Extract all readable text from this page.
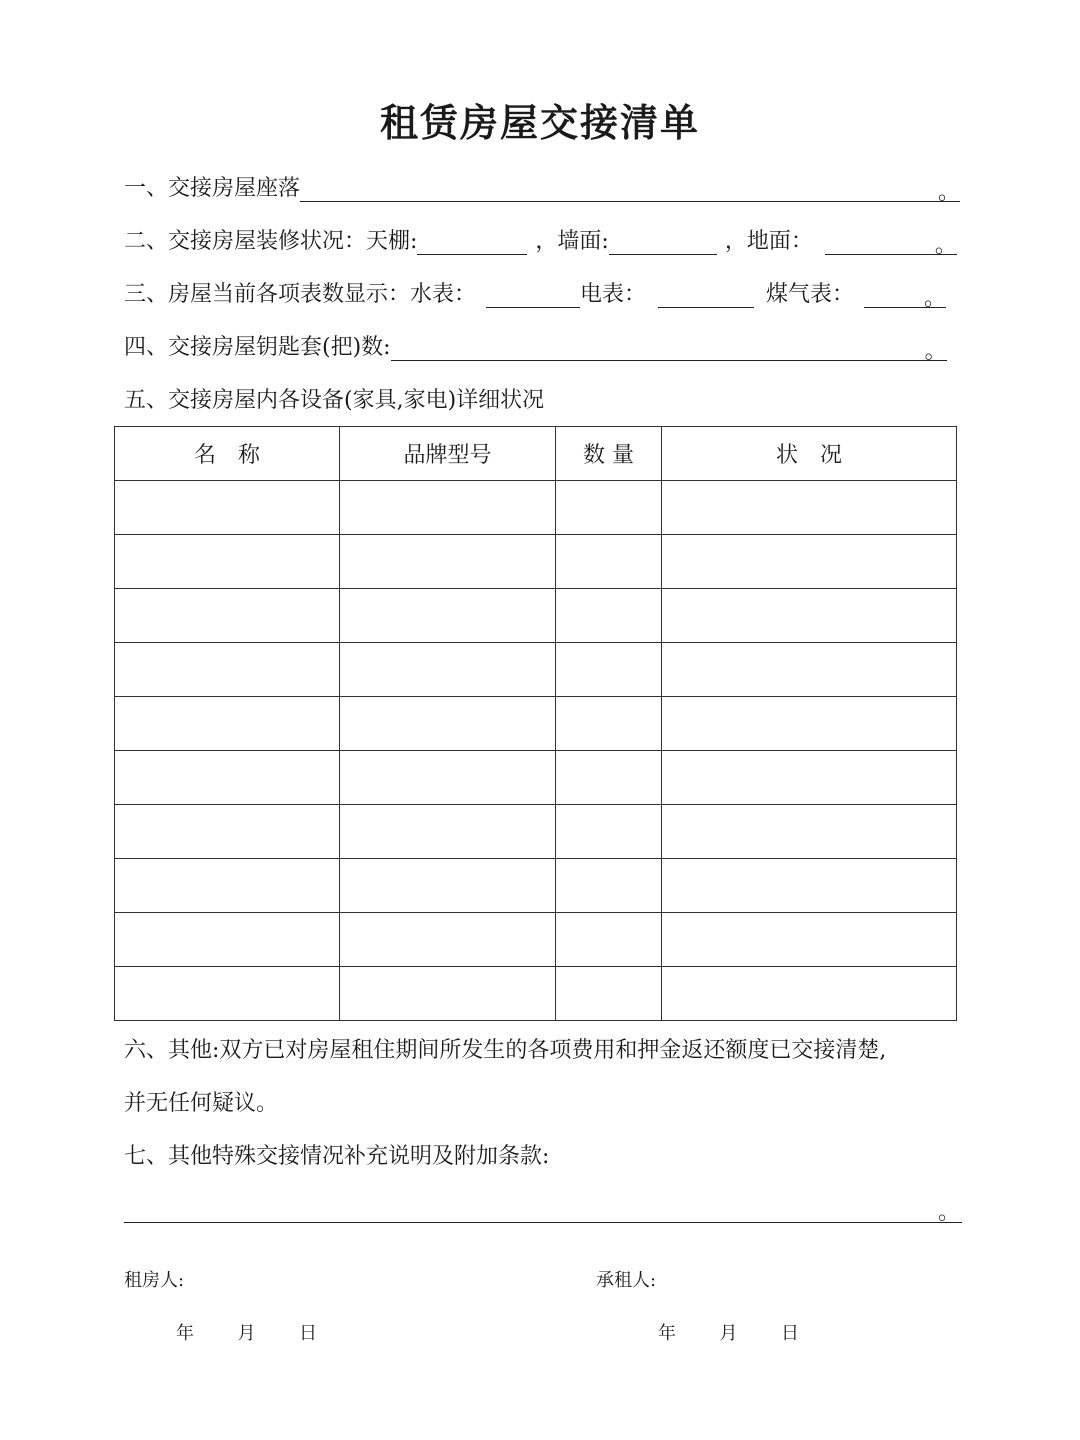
租赁房屋交接清单
一、交接房屋座落	。
二、交接房屋装修状况：天棚:	，墙面:	，地面：	。
三、房屋当前各项表数显示：水表：	电表：	煤气表：	。
四、交接房屋钥匙套(把)数:	。
五、交接房屋内各设备(家具,家电)详细状况
名　称	品牌型号	数 量	状　况

六、其他:双方已对房屋租住期间所发生的各项费用和押金返还额度已交接清楚,
并无任何疑议。
七、其他特殊交接情况补充说明及附加条款:
。
租房人:	承租人:
年 月 日	年 月 日
